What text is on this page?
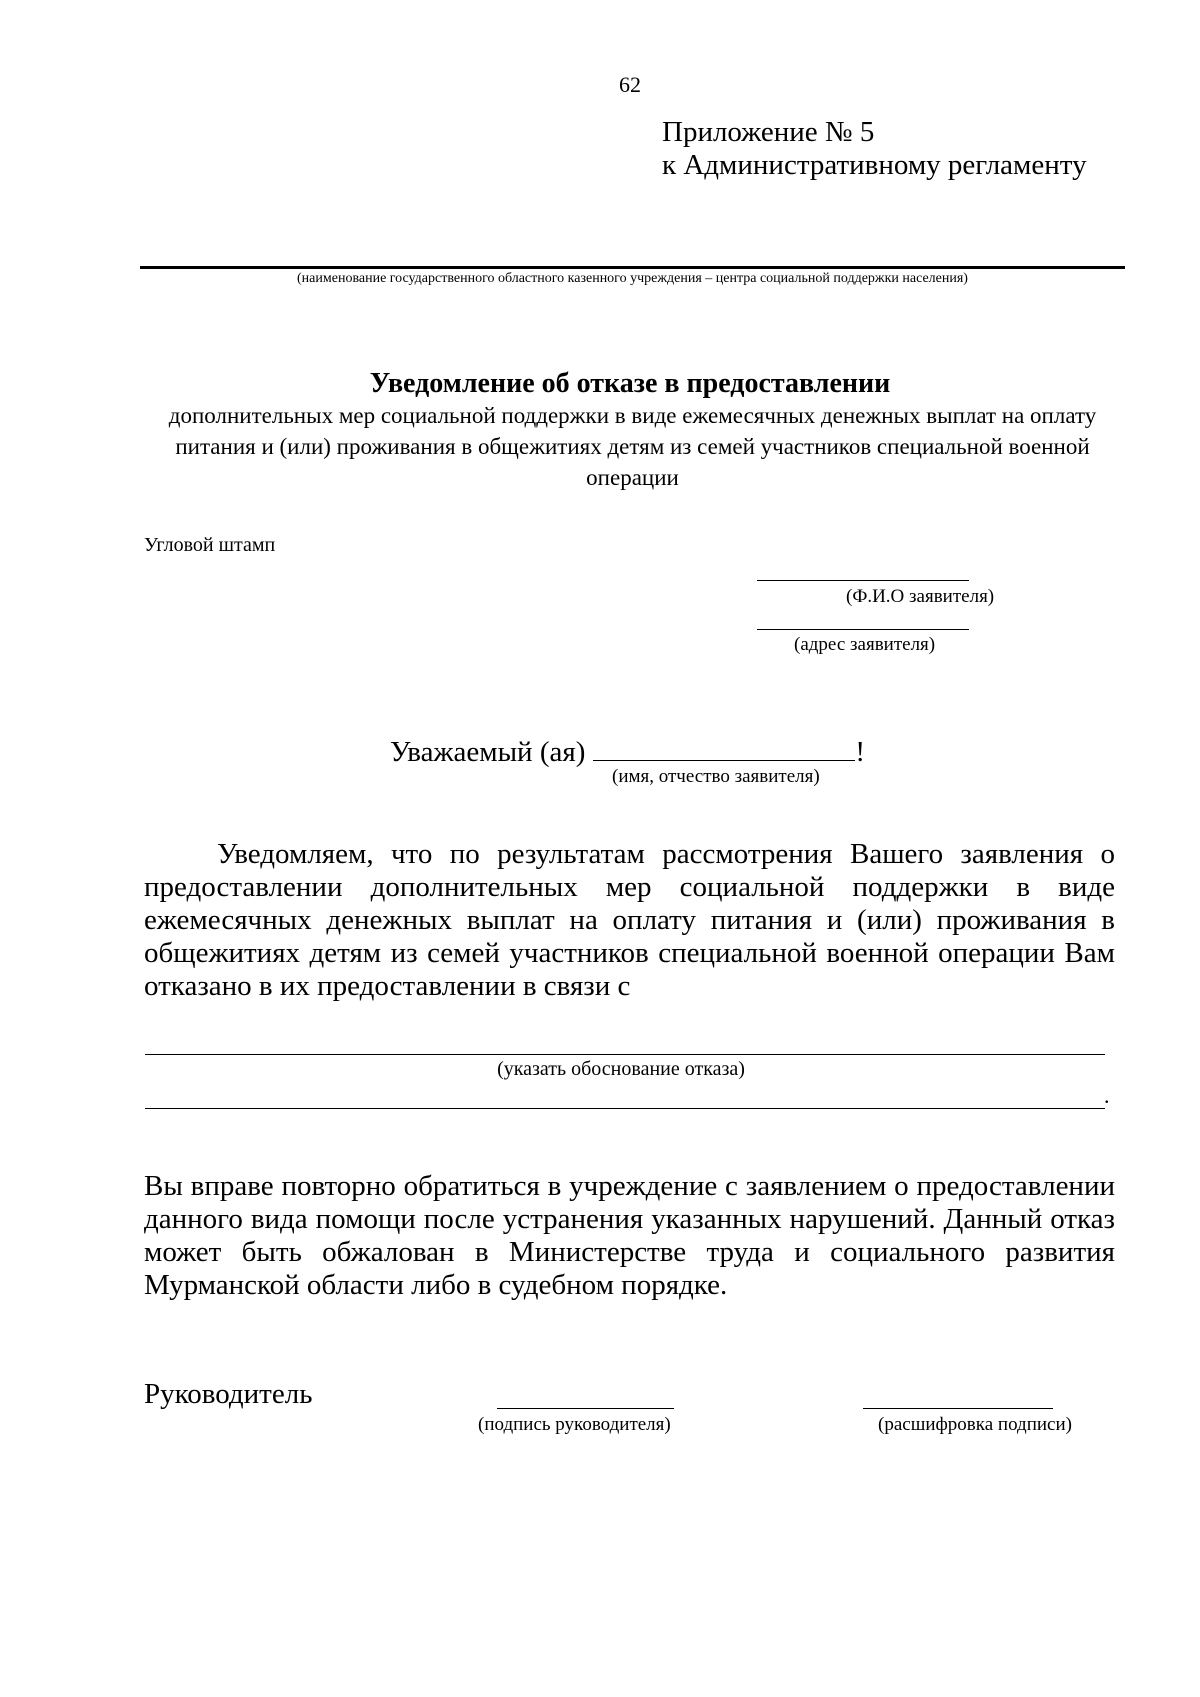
62
Приложение № 5
к Административному регламенту
(наименование государственного областного казенного учреждения – центра социальной поддержки населения)
Уведомление об отказе в предоставлении
дополнительных мер социальной поддержки в виде ежемесячных денежных выплат на оплату питания и (или) проживания в общежитиях детям из семей участников специальной военной операции
Угловой штамп
(Ф.И.О заявителя)
(адрес заявителя)
Уважаемый (ая)	!
(имя, отчество заявителя)
Уведомляем, что по результатам рассмотрения Вашего заявления о предоставлении дополнительных мер социальной поддержки в виде ежемесячных денежных выплат на оплату питания и (или) проживания в общежитиях детям из семей участников специальной военной операции Вам отказано в их предоставлении в связи с
(указать обоснование отказа)
.
Вы вправе повторно обратиться в учреждение с заявлением о предоставлении данного вида помощи после устранения указанных нарушений. Данный отказ может быть обжалован в Министерстве труда и социального развития Мурманской области либо в судебном порядке.
Руководитель
(подпись руководителя)	(расшифровка подписи)
